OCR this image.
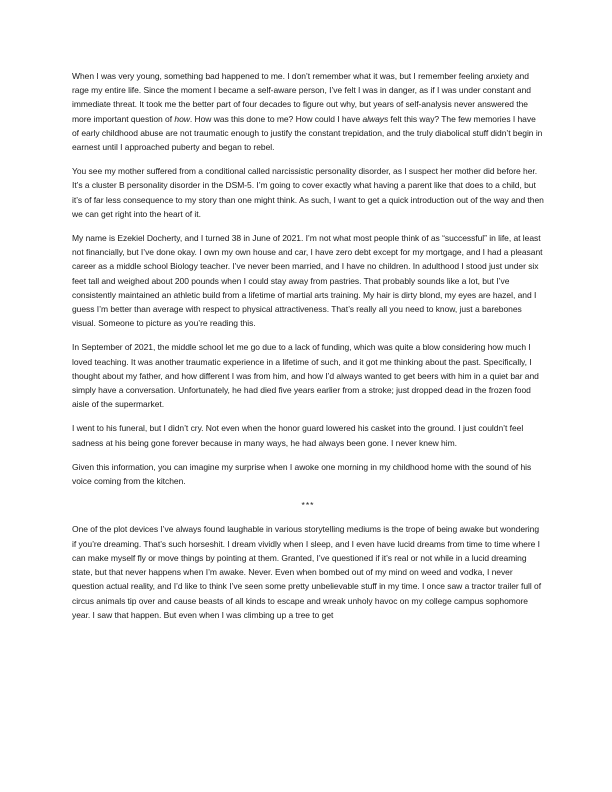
When I was very young, something bad happened to me. I don’t remember what it was, but I remember feeling anxiety and rage my entire life. Since the moment I became a self-aware person, I’ve felt I was in danger, as if I was under constant and immediate threat. It took me the better part of four decades to figure out why, but years of self-analysis never answered the more important question of how. How was this done to me? How could I have always felt this way? The few memories I have of early childhood abuse are not traumatic enough to justify the constant trepidation, and the truly diabolical stuff didn’t begin in earnest until I approached puberty and began to rebel.

You see my mother suffered from a conditional called narcissistic personality disorder, as I suspect her mother did before her. It’s a cluster B personality disorder in the DSM-5. I’m going to cover exactly what having a parent like that does to a child, but it’s of far less consequence to my story than one might think. As such, I want to get a quick introduction out of the way and then we can get right into the heart of it.

My name is Ezekiel Docherty, and I turned 38 in June of 2021. I’m not what most people think of as “successful” in life, at least not financially, but I’ve done okay. I own my own house and car, I have zero debt except for my mortgage, and I had a pleasant career as a middle school Biology teacher. I’ve never been married, and I have no children. In adulthood I stood just under six feet tall and weighed about 200 pounds when I could stay away from pastries. That probably sounds like a lot, but I’ve consistently maintained an athletic build from a lifetime of martial arts training. My hair is dirty blond, my eyes are hazel, and I guess I’m better than average with respect to physical attractiveness. That’s really all you need to know, just a barebones visual. Someone to picture as you’re reading this.

In September of 2021, the middle school let me go due to a lack of funding, which was quite a blow considering how much I loved teaching. It was another traumatic experience in a lifetime of such, and it got me thinking about the past. Specifically, I thought about my father, and how different I was from him, and how I’d always wanted to get beers with him in a quiet bar and simply have a conversation. Unfortunately, he had died five years earlier from a stroke; just dropped dead in the frozen food aisle of the supermarket.

I went to his funeral, but I didn’t cry. Not even when the honor guard lowered his casket into the ground. I just couldn’t feel sadness at his being gone forever because in many ways, he had always been gone. I never knew him.

Given this information, you can imagine my surprise when I awoke one morning in my childhood home with the sound of his voice coming from the kitchen.

***

One of the plot devices I’ve always found laughable in various storytelling mediums is the trope of being awake but wondering if you’re dreaming. That’s such horseshit. I dream vividly when I sleep, and I even have lucid dreams from time to time where I can make myself fly or move things by pointing at them. Granted, I’ve questioned if it’s real or not while in a lucid dreaming state, but that never happens when I’m awake. Never. Even when bombed out of my mind on weed and vodka, I never question actual reality, and I’d like to think I’ve seen some pretty unbelievable stuff in my time. I once saw a tractor trailer full of circus animals tip over and cause beasts of all kinds to escape and wreak unholy havoc on my college campus sophomore year. I saw that happen. But even when I was climbing up a tree to get
